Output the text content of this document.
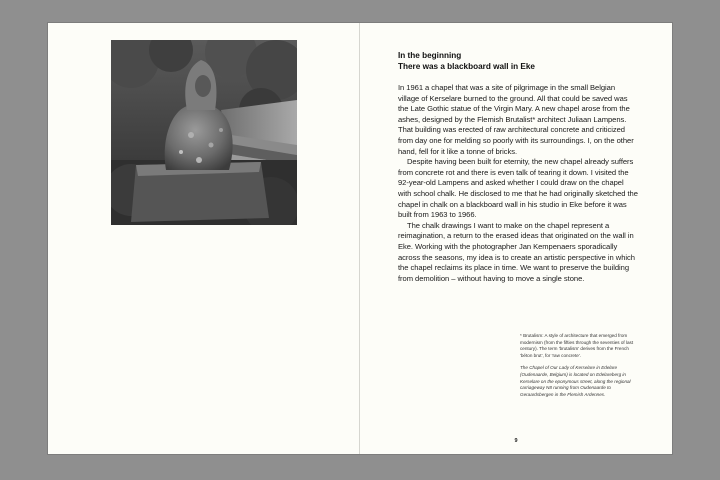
In the beginning
There was a blackboard wall in Eke

In 1961 a chapel that was a site of pilgrimage in the small Belgian village of Kerselare burned to the ground. All that could be saved was the Late Gothic statue of the Virgin Mary. A new chapel arose from the ashes, designed by the Flemish Brutalist* architect Juliaan Lampens. That building was erected of raw architectural concrete and criticized from day one for melding so poorly with its surroundings. I, on the other hand, fell for it like a tonne of bricks.

Despite having been built for eternity, the new chapel already suffers from concrete rot and there is even talk of tearing it down. I visited the 92-year-old Lampens and asked whether I could draw on the chapel with school chalk. He disclosed to me that he had originally sketched the chapel in chalk on a blackboard wall in his studio in Eke before it was built from 1963 to 1966.

The chalk drawings I want to make on the chapel represent a reimagination, a return to the erased ideas that originated on the wall in Eke. Working with the photographer Jan Kempenaers sporadically across the seasons, my idea is to create an artistic perspective in which the chapel reclaims its place in time. We want to preserve the building from demolition – without having to move a single stone.

* Brutalism: A style of architecture that emerged from modernism (from the fifties through the seventies of last century). The term 'brutalism' derives from the French 'béton brut', for 'raw concrete'.

The Chapel of Our Lady of Kerselare in Edelare (Oudenaarde, Belgium) is located on Edelareberg in Kerselare on the eponymous street, along the regional carriageway N8 running from Oudenaarde to Geraardsbergen in the Flemish Ardennes.

9
